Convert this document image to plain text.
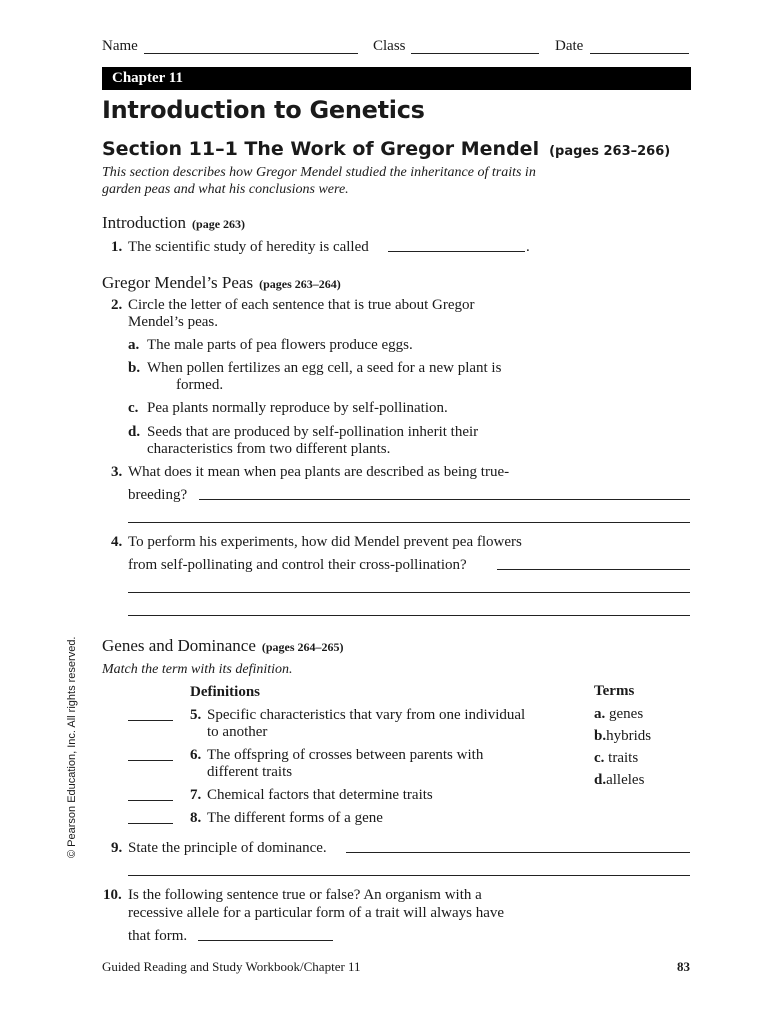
Name	Class	Date
Chapter 11
Introduction to Genetics
Section 11–1 The Work of Gregor Mendel (pages 263–266)
This section describes how Gregor Mendel studied the inheritance of traits in
garden peas and what his conclusions were.
Introduction (page 263)
1. The scientific study of heredity is called	.
Gregor Mendel’s Peas (pages 263–264)
2. Circle the letter of each sentence that is true about Gregor
Mendel’s peas.
a. The male parts of pea flowers produce eggs.
b. When pollen fertilizes an egg cell, a seed for a new plant is
formed.
c. Pea plants normally reproduce by self-pollination.
d. Seeds that are produced by self-pollination inherit their
characteristics from two different plants.
3. What does it mean when pea plants are described as being true-
breeding?
4. To perform his experiments, how did Mendel prevent pea flowers
from self-pollinating and control their cross-pollination?
Genes and Dominance (pages 264–265)
Match the term with its definition.
Definitions	Terms
5. Specific characteristics that vary from one individual
to another
6. The offspring of crosses between parents with
different traits
7. Chemical factors that determine traits
8. The different forms of a gene
a. genes
b.hybrids
c. traits
d.alleles
9. State the principle of dominance.
10. Is the following sentence true or false? An organism with a
recessive allele for a particular form of a trait will always have
that form.
Guided Reading and Study Workbook/Chapter 11	83
© Pearson Education, Inc. All rights reserved.
